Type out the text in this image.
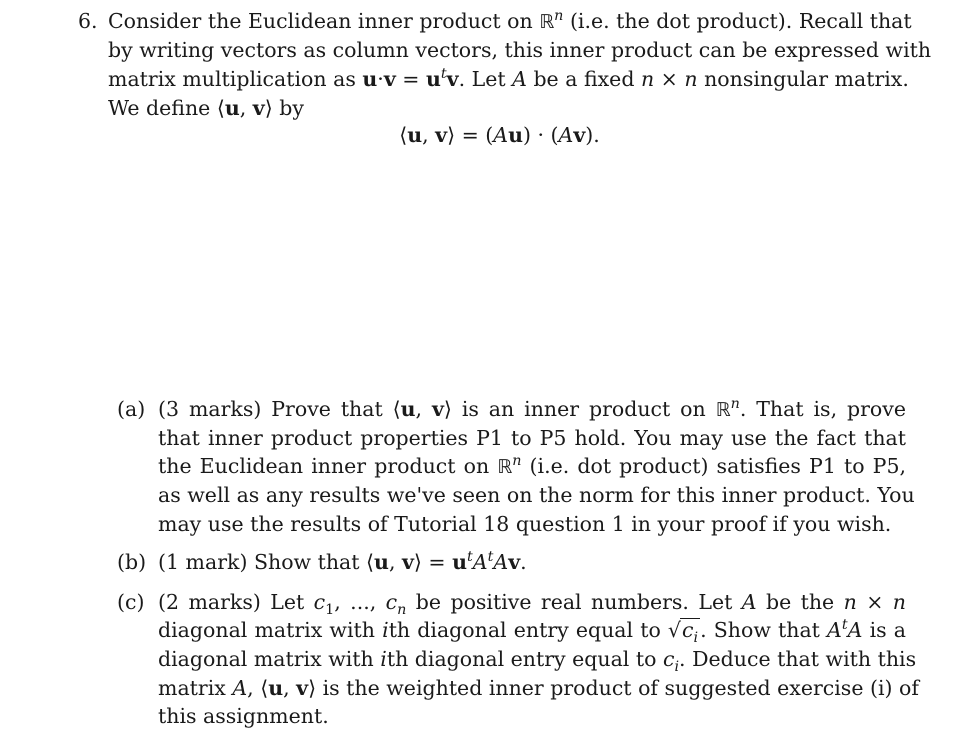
6. Consider the Euclidean inner product on ℝ$^n$ (i.e. the dot product). Recall that
by writing vectors as column vectors, this inner product can be expressed with
matrix multiplication as $u\cdot v = u^tv$. Let A be a fixed n × n nonsingular matrix.
We define ⟨u, v⟩ by
⟨u, v⟩ = (Au) · (Av).
(a) (3 marks) Prove that ⟨u, v⟩ is an inner product on ℝ$^n$. That is, prove
that inner product properties P1 to P5 hold. You may use the fact that
the Euclidean inner product on ℝ$^n$ (i.e. dot product) satisfies P1 to P5,
as well as any results we've seen on the norm for this inner product. You
may use the results of Tutorial 18 question 1 in your proof if you wish.
(b) (1 mark) Show that ⟨u, v⟩ = $u^tA^tAv$.
(c) (2 marks) Let $c_1$, ..., $c_n$ be positive real numbers. Let A be the n × n
diagonal matrix with ith diagonal entry equal to $√c_i$. Show that $A^tA$ is a
diagonal matrix with ith diagonal entry equal to $c_i$. Deduce that with this
matrix A, ⟨u, v⟩ is the weighted inner product of suggested exercise (i) of
this assignment.
